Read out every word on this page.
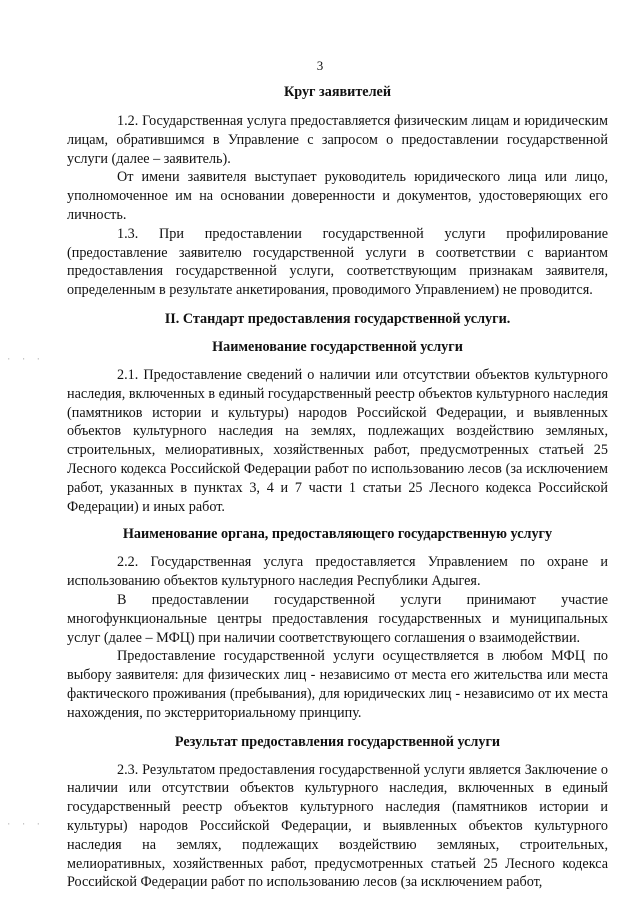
3
· · ·
· · ·
Круг заявителей

1.2. Государственная услуга предоставляется физическим лицам и юридическим лицам, обратившимся в Управление с запросом о предоставлении государственной услуги (далее – заявитель).

От имени заявителя выступает руководитель юридического лица или лицо, уполномоченное им на основании доверенности и документов, удостоверяющих его личность.

1.3. При предоставлении государственной услуги профилирование (предоставление заявителю государственной услуги в соответствии с вариантом предоставления государственной услуги, соответствующим признакам заявителя, определенным в результате анкетирования, проводимого Управлением) не проводится.

II. Стандарт предоставления государственной услуги.
Наименование государственной услуги

2.1. Предоставление сведений о наличии или отсутствии объектов культурного наследия, включенных в единый государственный реестр объектов культурного наследия (памятников истории и культуры) народов Российской Федерации, и выявленных объектов культурного наследия на землях, подлежащих воздействию земляных, строительных, мелиоративных, хозяйственных работ, предусмотренных статьей 25 Лесного кодекса Российской Федерации работ по использованию лесов (за исключением работ, указанных в пунктах 3, 4 и 7 части 1 статьи 25 Лесного кодекса Российской Федерации) и иных работ.

Наименование органа, предоставляющего государственную услугу

2.2. Государственная услуга предоставляется Управлением по охране и использованию объектов культурного наследия Республики Адыгея.

В предоставлении государственной услуги принимают участие многофункциональные центры предоставления государственных и муниципальных услуг (далее – МФЦ) при наличии соответствующего соглашения о взаимодействии.

Предоставление государственной услуги осуществляется в любом МФЦ по выбору заявителя: для физических лиц - независимо от места его жительства или места фактического проживания (пребывания), для юридических лиц - независимо от их места нахождения, по экстерриториальному принципу.

Результат предоставления государственной услуги

2.3. Результатом предоставления государственной услуги является Заключение о наличии или отсутствии объектов культурного наследия, включенных в единый государственный реестр объектов культурного наследия (памятников истории и культуры) народов Российской Федерации, и выявленных объектов культурного наследия на землях, подлежащих воздействию земляных, строительных, мелиоративных, хозяйственных работ, предусмотренных статьей 25 Лесного кодекса Российской Федерации работ по использованию лесов (за исключением работ,
